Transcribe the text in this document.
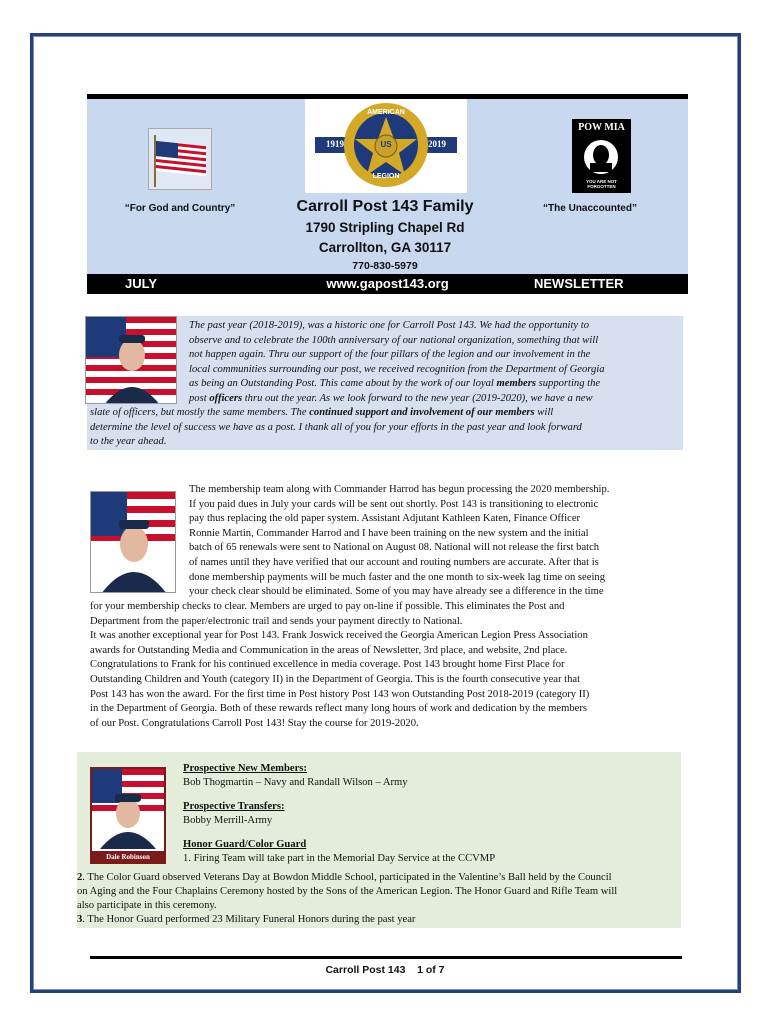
“For God and Country”
1919	2019
AMERICAN
LEGION
US
POW MIA
YOU ARE NOT FORGOTTEN
“The Unaccounted”
Carroll Post 143 Family
1790 Stripling Chapel Rd
Carrollton, GA 30117
770-830-5979
JULY	www.gapost143.org	NEWSLETTER
The past year (2018-2019), was a historic one for Carroll Post 143. We had the opportunity to
observe and to celebrate the 100th anniversary of our national organization, something that will
not happen again. Thru our support of the four pillars of the legion and our involvement in the
local communities surrounding our post, we received recognition from the Department of Georgia
as being an Outstanding Post. This came about by the work of our loyal members supporting the
post officers thru out the year. As we look forward to the new year (2019-2020), we have a new
slate of officers, but mostly the same members. The continued support and involvement of our members will
determine the level of success we have as a post. I thank all of you for your efforts in the past year and look forward
to the year ahead.
The membership team along with Commander Harrod has begun processing the 2020 membership.
If you paid dues in July your cards will be sent out shortly. Post 143 is transitioning to electronic
pay thus replacing the old paper system. Assistant Adjutant Kathleen Katen, Finance Officer
Ronnie Martin, Commander Harrod and I have been training on the new system and the initial
batch of 65 renewals were sent to National on August 08. National will not release the first batch
of names until they have verified that our account and routing numbers are accurate. After that is
done membership payments will be much faster and the one month to six-week lag time on seeing
your check clear should be eliminated. Some of you may have already see a difference in the time
for your membership checks to clear. Members are urged to pay on-line if possible. This eliminates the Post and
Department from the paper/electronic trail and sends your payment directly to National.
It was another exceptional year for Post 143. Frank Joswick received the Georgia American Legion Press Association
awards for Outstanding Media and Communication in the areas of Newsletter, 3rd place, and website, 2nd place.
Congratulations to Frank for his continued excellence in media coverage. Post 143 brought home First Place for
Outstanding Children and Youth (category II) in the Department of Georgia. This is the fourth consecutive year that
Post 143 has won the award. For the first time in Post history Post 143 won Outstanding Post 2018-2019 (category II)
in the Department of Georgia. Both of these rewards reflect many long hours of work and dedication by the members
of our Post. Congratulations Carroll Post 143! Stay the course for 2019-2020.
Dale Robinson
Prospective New Members:
Bob Thogmartin – Navy and Randall Wilson – Army
Prospective Transfers:
Bobby Merrill-Army
Honor Guard/Color Guard
1. Firing Team will take part in the Memorial Day Service at the CCVMP
2. The Color Guard observed Veterans Day at Bowdon Middle School, participated in the Valentine’s Ball held by the Council
on Aging and the Four Chaplains Ceremony hosted by the Sons of the American Legion. The Honor Guard and Rifle Team will
also participate in this ceremony.
3. The Honor Guard performed 23 Military Funeral Honors during the past year
Carroll Post 143    1 of 7
